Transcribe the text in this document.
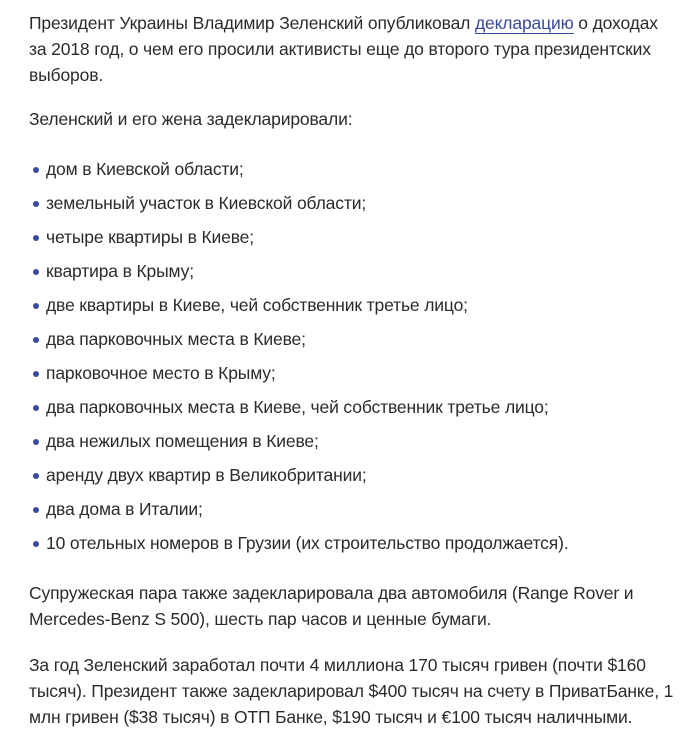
Президент Украины Владимир Зеленский опубликовал декларацию о доходах за 2018 год, о чем его просили активисты еще до второго тура президентских выборов.

Зеленский и его жена задекларировали:

дом в Киевской области;
земельный участок в Киевской области;
четыре квартиры в Киеве;
квартира в Крыму;
две квартиры в Киеве, чей собственник третье лицо;
два парковочных места в Киеве;
парковочное место в Крыму;
два парковочных места в Киеве, чей собственник третье лицо;
два нежилых помещения в Киеве;
аренду двух квартир в Великобритании;
два дома в Италии;
10 отельных номеров в Грузии (их строительство продолжается).

Супружеская пара также задекларировала два автомобиля (Range Rover и Mercedes-Benz S 500), шесть пар часов и ценные бумаги.

За год Зеленский заработал почти 4 миллиона 170 тысяч гривен (почти $160 тысяч). Президент также задекларировал $400 тысяч на счету в ПриватБанке, 1 млн гривен ($38 тысяч) в ОТП Банке, $190 тысяч и €100 тысяч наличными.
